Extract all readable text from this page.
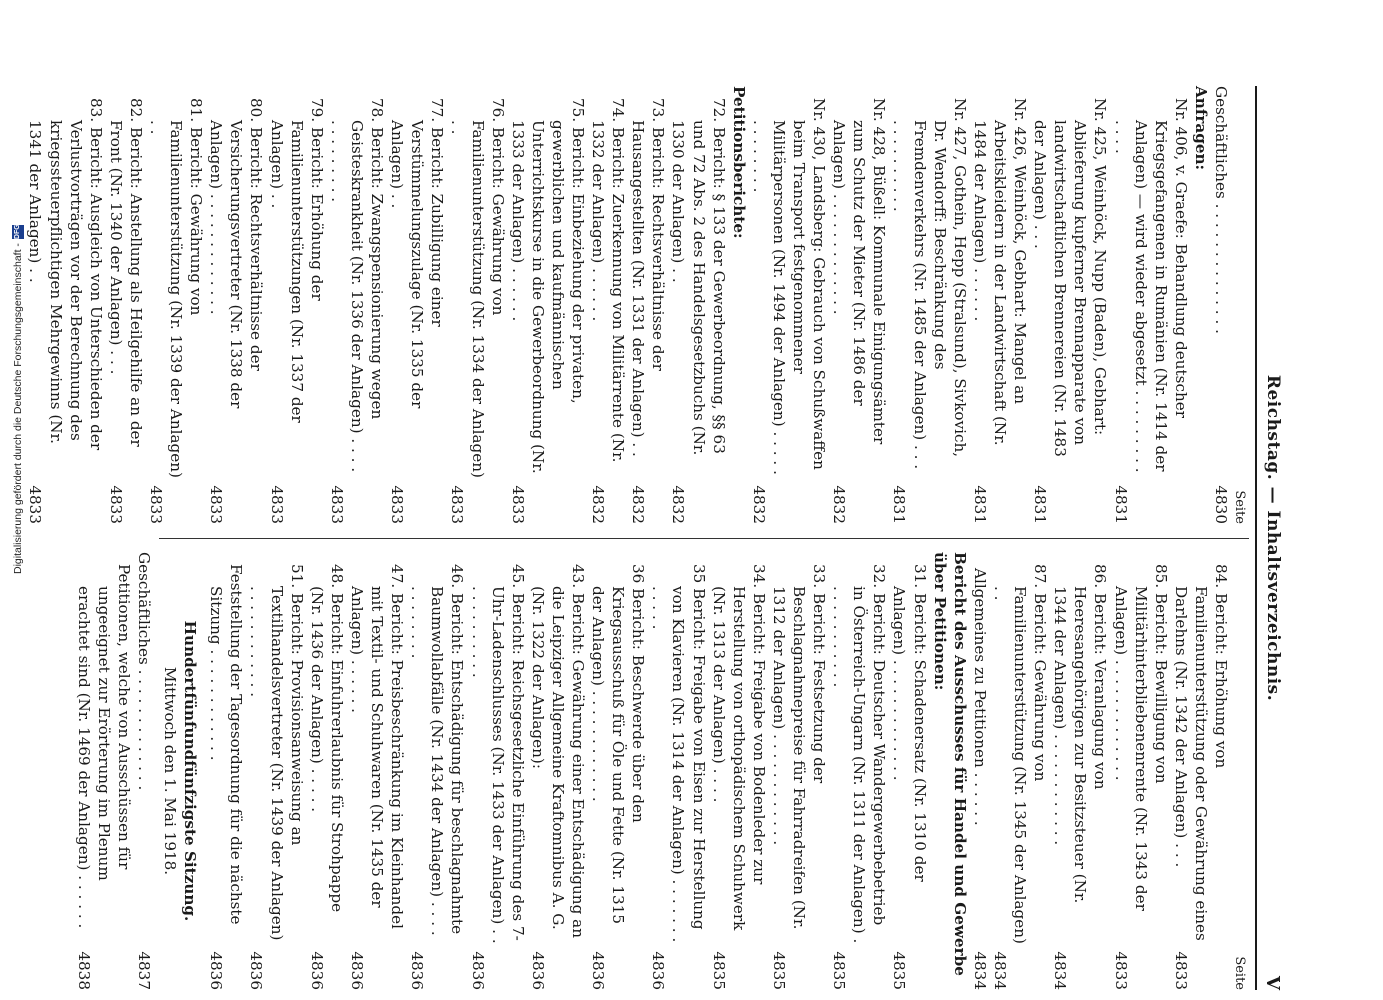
Reichstag. — Inhaltsverzeichnis.
V
Seite
Geschäftliches . . . . . . . . . . . . . .
4830
Anfragen:
Nr. 406, v. Graefe: Behandlung deutscher Kriegsgefangenen in Rumänien (Nr. 1414 der Anlagen) — wird wieder abgesetzt . . . . . . . . . . . . .
4831
Nr. 425, Weinhöck, Nupp (Baden), Gebhart: Ablieferung kupferner Brennapparate von landwirtschaftlichen Brennereien (Nr. 1483 der Anlagen) . . .
4831
Nr. 426, Weinhöck, Gebhart: Mangel an Arbeitskleidern in der Landwirtschaft (Nr. 1484 der Anlagen) . . . . . .
4831
Nr. 427, Gothein, Hepp (Stralsund), Sivkovich, Dr. Wendorff: Beschränkung des Fremdenverkehrs (Nr. 1485 der Anlagen) . . . . . . . . . . . . .
4831
Nr. 428, Büßell: Kommunale Einigungsämter zum Schutz der Mieter (Nr. 1486 der Anlagen) . . . . . . . . . . . . .
4832
Nr. 430, Landsberg: Gebrauch von Schußwaffen beim Transport festgenommener Militärpersonen (Nr. 1494 der Anlagen) . . . . . . . . . . . . .
4832
Petitionsberichte:
72. Bericht: § 133 der Gewerbeordnung, §§ 63 und 72 Abs. 2 des Handelsgesetzbuchs (Nr. 1330 der Anlagen) . .
4832
73. Bericht: Rechtsverhältnisse der Hausangestellten (Nr. 1331 der Anlagen) . .
4832
74. Bericht: Zuerkennung von Militärrente (Nr. 1332 der Anlagen) . . . . . .
4832
75. Bericht: Einbeziehung der privaten, gewerblichen und kaufmännischen Unterrichtskurse in die Gewerbeordnung (Nr. 1333 der Anlagen) . . . . . .
4833
76. Bericht: Gewährung von Familienunterstützung (Nr. 1334 der Anlagen) . .
4833
77. Bericht: Zubilligung einer Verstümmelungszulage (Nr. 1335 der Anlagen) . .
4833
78. Bericht: Zwangspensionierung wegen Geisteskrankheit (Nr. 1336 der Anlagen) . . . . . . . . . . . . .
4833
79. Bericht: Erhöhung der Familienunterstützungen (Nr. 1337 der Anlagen) . .
4833
80. Bericht: Rechtsverhältnisse der Versicherungsvertreter (Nr. 1338 der Anlagen) . . . . . . . . . . . . .
4833
81. Bericht: Gewährung von Familienunterstützung (Nr. 1339 der Anlagen) . .
4833
82. Bericht: Anstellung als Heilgehilfe an der Front (Nr. 1340 der Anlagen) . . .
4833
83. Bericht: Ausgleich von Unterschieden der Verlustvorträgen vor der Berechnung des kriegssteuerpflichtigen Mehrgewinns (Nr. 1341 der Anlagen) . .
4833
Seite
84. Bericht: Erhöhung von Familienunterstützung oder Gewährung eines Darlehns (Nr. 1342 der Anlagen) . . .
4833
85. Bericht: Bewilligung von Militärhinterbliebenenrente (Nr. 1343 der Anlagen) . . . . . . . . . . . . .
4833
86. Bericht: Veranlagung von Heeresangehörigen zur Besitzsteuer (Nr. 1344 der Anlagen) . . . . . . . . . . . .
4834
87. Bericht: Gewährung von Familienunterstützung (Nr. 1345 der Anlagen) . .
4834
Allgemeines zu Petitionen . . . . . .
4834
Bericht des Ausschusses für Handel und Gewerbe über Petitionen:
31. Bericht: Schadenersatz (Nr. 1310 der Anlagen) . . . . . . . . . . . . .
4835
32. Bericht: Deutscher Wandergewerbebetrieb in Österreich-Ungarn (Nr. 1311 der Anlagen) . . . . . . . . . . . .
4835
33. Bericht: Festsetzung der Beschlagnahmepreise für Fahrradreifen (Nr. 1312 der Anlagen) . . . . . . . . . . . .
4835
34. Bericht: Freigabe von Bodenleder zur Herstellung von orthopädischem Schuhwerk (Nr. 1313 der Anlagen) . . . .
4835
35 Bericht: Freigabe von Eisen zur Herstellung von Klavieren (Nr. 1314 der Anlagen) . . . . . . . . . . . .
4836
36 Bericht: Beschwerde über den Kriegsausschuß für Öle und Fette (Nr. 1315 der Anlagen) . . . . . . . . . . . .
4836
43. Bericht: Gewährung einer Entschädigung an die Leipziger Allgemeine Kraftomnibus A. G. (Nr. 1322 der Anlagen):
4836
45. Bericht: Reichsgesetzliche Einführung des 7-Uhr-Ladenschlusses (Nr. 1433 der Anlagen) . . . . . . . . . . . .
4836
46. Bericht: Entschädigung für beschlagnahmte Baumwollabfälle (Nr. 1434 der Anlagen) . . . . . . . . . . . .
4836
47. Bericht: Preisbeschränkung im Kleinhandel mit Textil- und Schuhwaren (Nr. 1435 der Anlagen) . . . . . .
4836
48. Bericht: Einfuhrerlaubnis für Strohpappe (Nr. 1436 der Anlagen) . . . . .
4836
51. Bericht: Provisionsanweisung an Textilhandelsvertreter (Nr. 1439 der Anlagen) . . . . . . . . . . . .
4836
Feststellung der Tagesordnung für die nächste Sitzung . . . . . . . . . . . .
4836
Hundertfünfundfünfzigste Sitzung.
Mittwoch den 1. Mai 1918.
Geschäftliches . . . . . . . . . . . . .
4837
Petitionen, welche von Ausschüssen für ungeeignet zur Erörterung im Plenum erachtet sind (Nr. 1469 der Anlagen) . . . . . .
4838
Digitalisierung gefördert durch die Deutsche Forschungsgemeinschaft -
DFG
